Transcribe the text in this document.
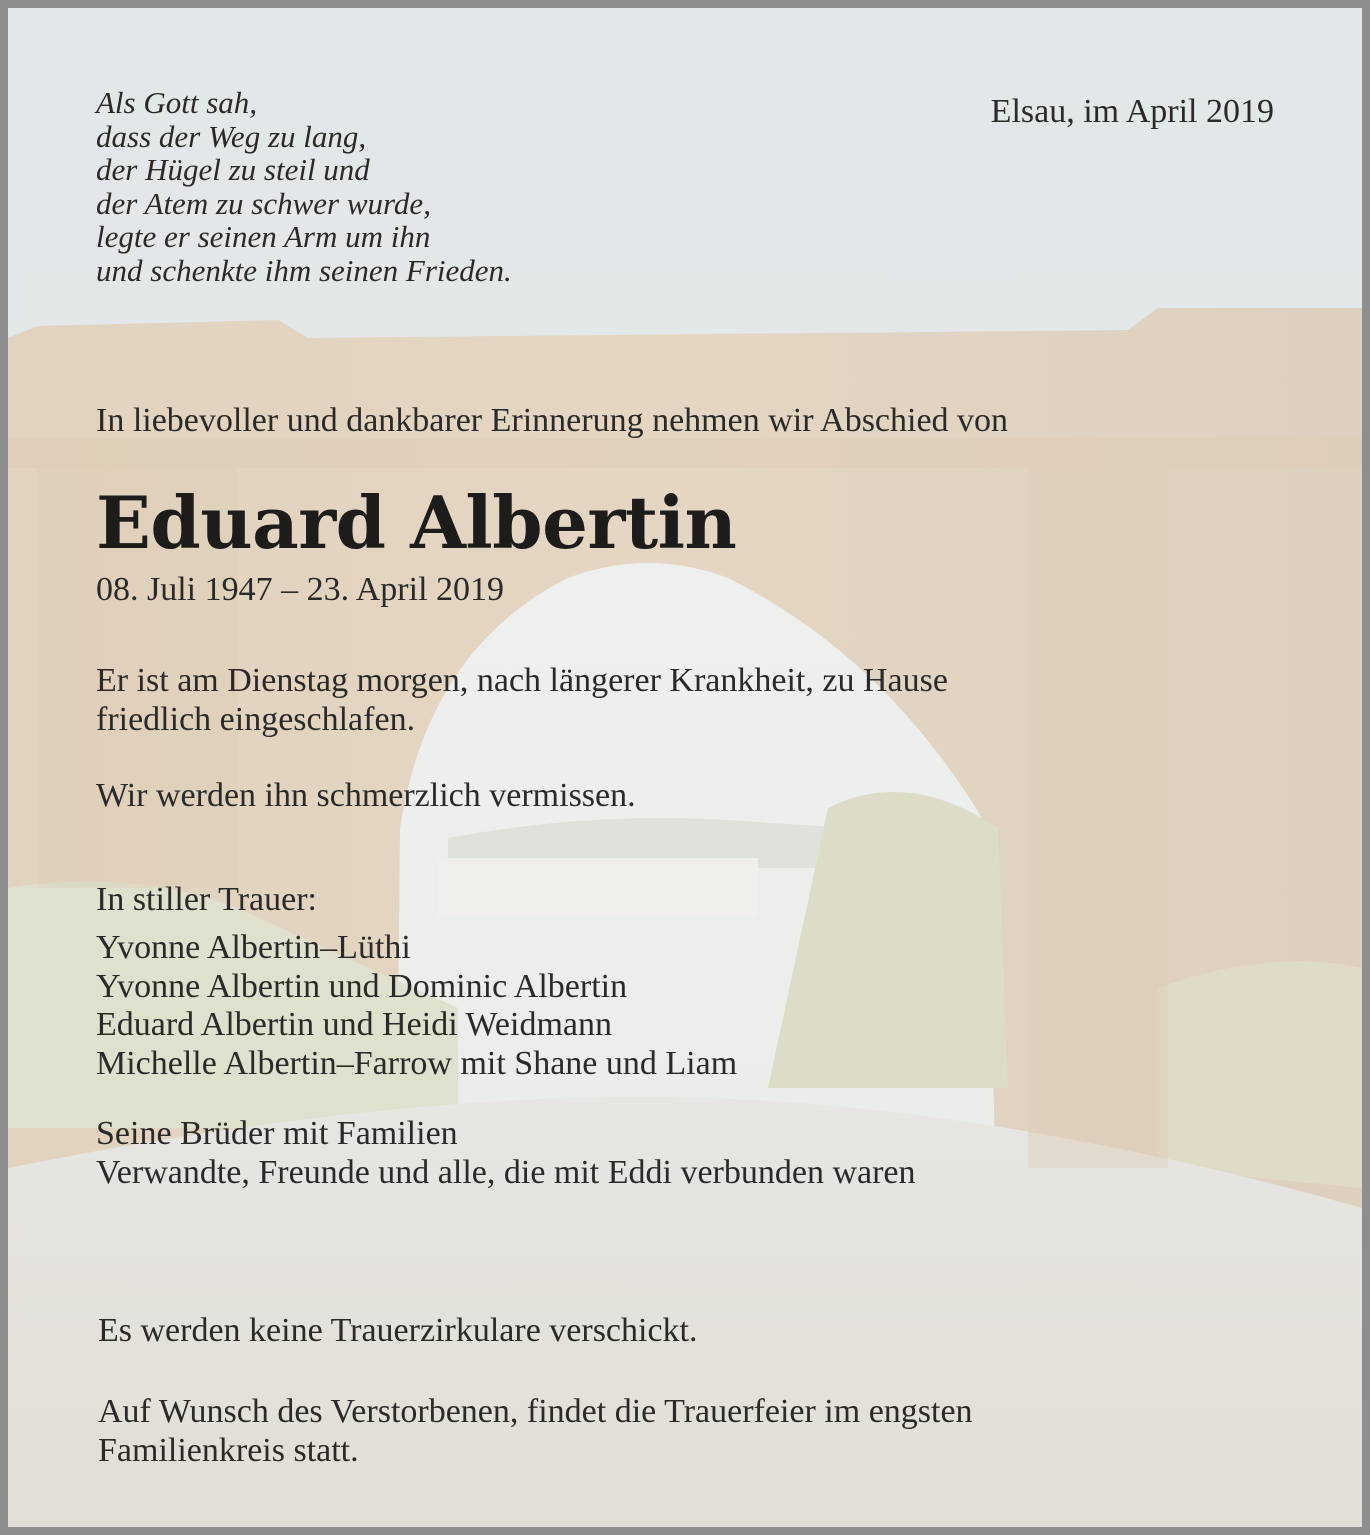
Als Gott sah,
dass der Weg zu lang,
der Hügel zu steil und
der Atem zu schwer wurde,
legte er seinen Arm um ihn
und schenkte ihm seinen Frieden.
Elsau, im April 2019
In liebevoller und dankbarer Erinnerung nehmen wir Abschied von
Eduard Albertin
08. Juli 1947 – 23. April 2019
Er ist am Dienstag morgen, nach längerer Krankheit, zu Hause
friedlich eingeschlafen.
Wir werden ihn schmerzlich vermissen.
In stiller Trauer:
Yvonne Albertin–Lüthi
Yvonne Albertin und Dominic Albertin
Eduard Albertin und Heidi Weidmann
Michelle Albertin–Farrow mit Shane und Liam
Seine Brüder mit Familien
Verwandte, Freunde und alle, die mit Eddi verbunden waren
Es werden keine Trauerzirkulare verschickt.
Auf Wunsch des Verstorbenen, findet die Trauerfeier im engsten
Familienkreis statt.
